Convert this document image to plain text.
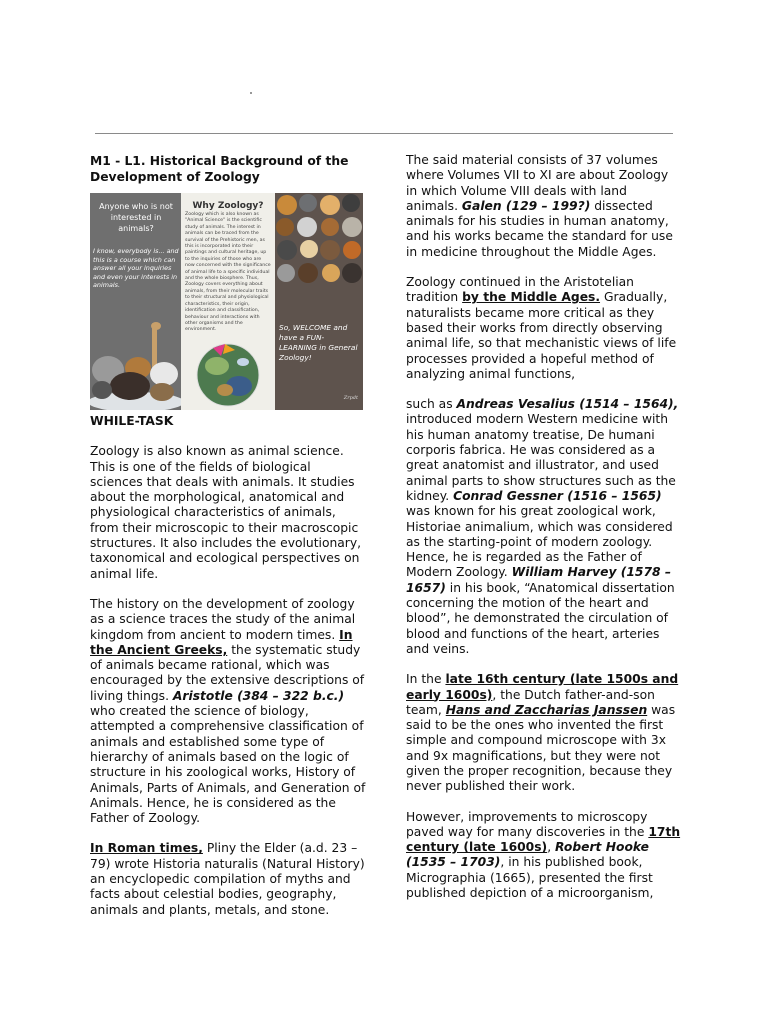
M1 - L1. Historical Background of the Development of Zoology
Anyone who is not interested in animals?
I know, everybody is... and this is a course which can answer all your inquiries and even your interests in animals.
Why Zoology?
Zoology which is also known as "Animal Science" is the scientific study of animals. The interest in animals can be traced from the survival of the Prehistoric men, as this is incorporated into their paintings and cultural heritage, up to the inquiries of those who are now concerned with the significance of animal life to a specific individual and the whole biosphere. Thus, Zoology covers everything about animals, from their molecular traits to their structural and physiological characteristics, their origin, identification and classification, behaviour and interactions with other organisms and the environment.	So, WELCOME and have a FUN-LEARNING in General Zoology!
Zrpdt

WHILE-TASK

Zoology is also known as animal science. This is one of the fields of biological sciences that deals with animals. It studies about the morphological, anatomical and physiological characteristics of animals, from their microscopic to their macroscopic structures. It also includes the evolutionary, taxonomical and ecological perspectives on animal life.

The history on the development of zoology as a science traces the study of the animal kingdom from ancient to modern times. In the Ancient Greeks, the systematic study of animals became rational, which was encouraged by the extensive descriptions of living things. Aristotle (384 – 322 b.c.) who created the science of biology, attempted a comprehensive classification of animals and established some type of hierarchy of animals based on the logic of structure in his zoological works, History of Animals, Parts of Animals, and Generation of Animals. Hence, he is considered as the Father of Zoology.

In Roman times, Pliny the Elder (a.d. 23 – 79) wrote Historia naturalis (Natural History) an encyclopedic compilation of myths and facts about celestial bodies, geography, animals and plants, metals, and stone.

The said material consists of 37 volumes where Volumes VII to XI are about Zoology in which Volume VIII deals with land animals. Galen (129 – 199?) dissected animals for his studies in human anatomy, and his works became the standard for use in medicine throughout the Middle Ages.

Zoology continued in the Aristotelian tradition by the Middle Ages. Gradually, naturalists became more critical as they based their works from directly observing animal life, so that mechanistic views of life processes provided a hopeful method of analyzing animal functions,

such as Andreas Vesalius (1514 – 1564), introduced modern Western medicine with his human anatomy treatise, De humani corporis fabrica. He was considered as a great anatomist and illustrator, and used animal parts to show structures such as the kidney. Conrad Gessner (1516 – 1565) was known for his great zoological work, Historiae animalium, which was considered as the starting-point of modern zoology. Hence, he is regarded as the Father of Modern Zoology. William Harvey (1578 – 1657) in his book, “Anatomical dissertation concerning the motion of the heart and blood”, he demonstrated the circulation of blood and functions of the heart, arteries and veins.

In the late 16th century (late 1500s and early 1600s), the Dutch father-and-son team, Hans and Zaccharias Janssen was said to be the ones who invented the first simple and compound microscope with 3x and 9x magnifications, but they were not given the proper recognition, because they never published their work.

However, improvements to microscopy paved way for many discoveries in the 17th century (late 1600s), Robert Hooke (1535 – 1703), in his published book, Micrographia (1665), presented the first published depiction of a microorganism,
